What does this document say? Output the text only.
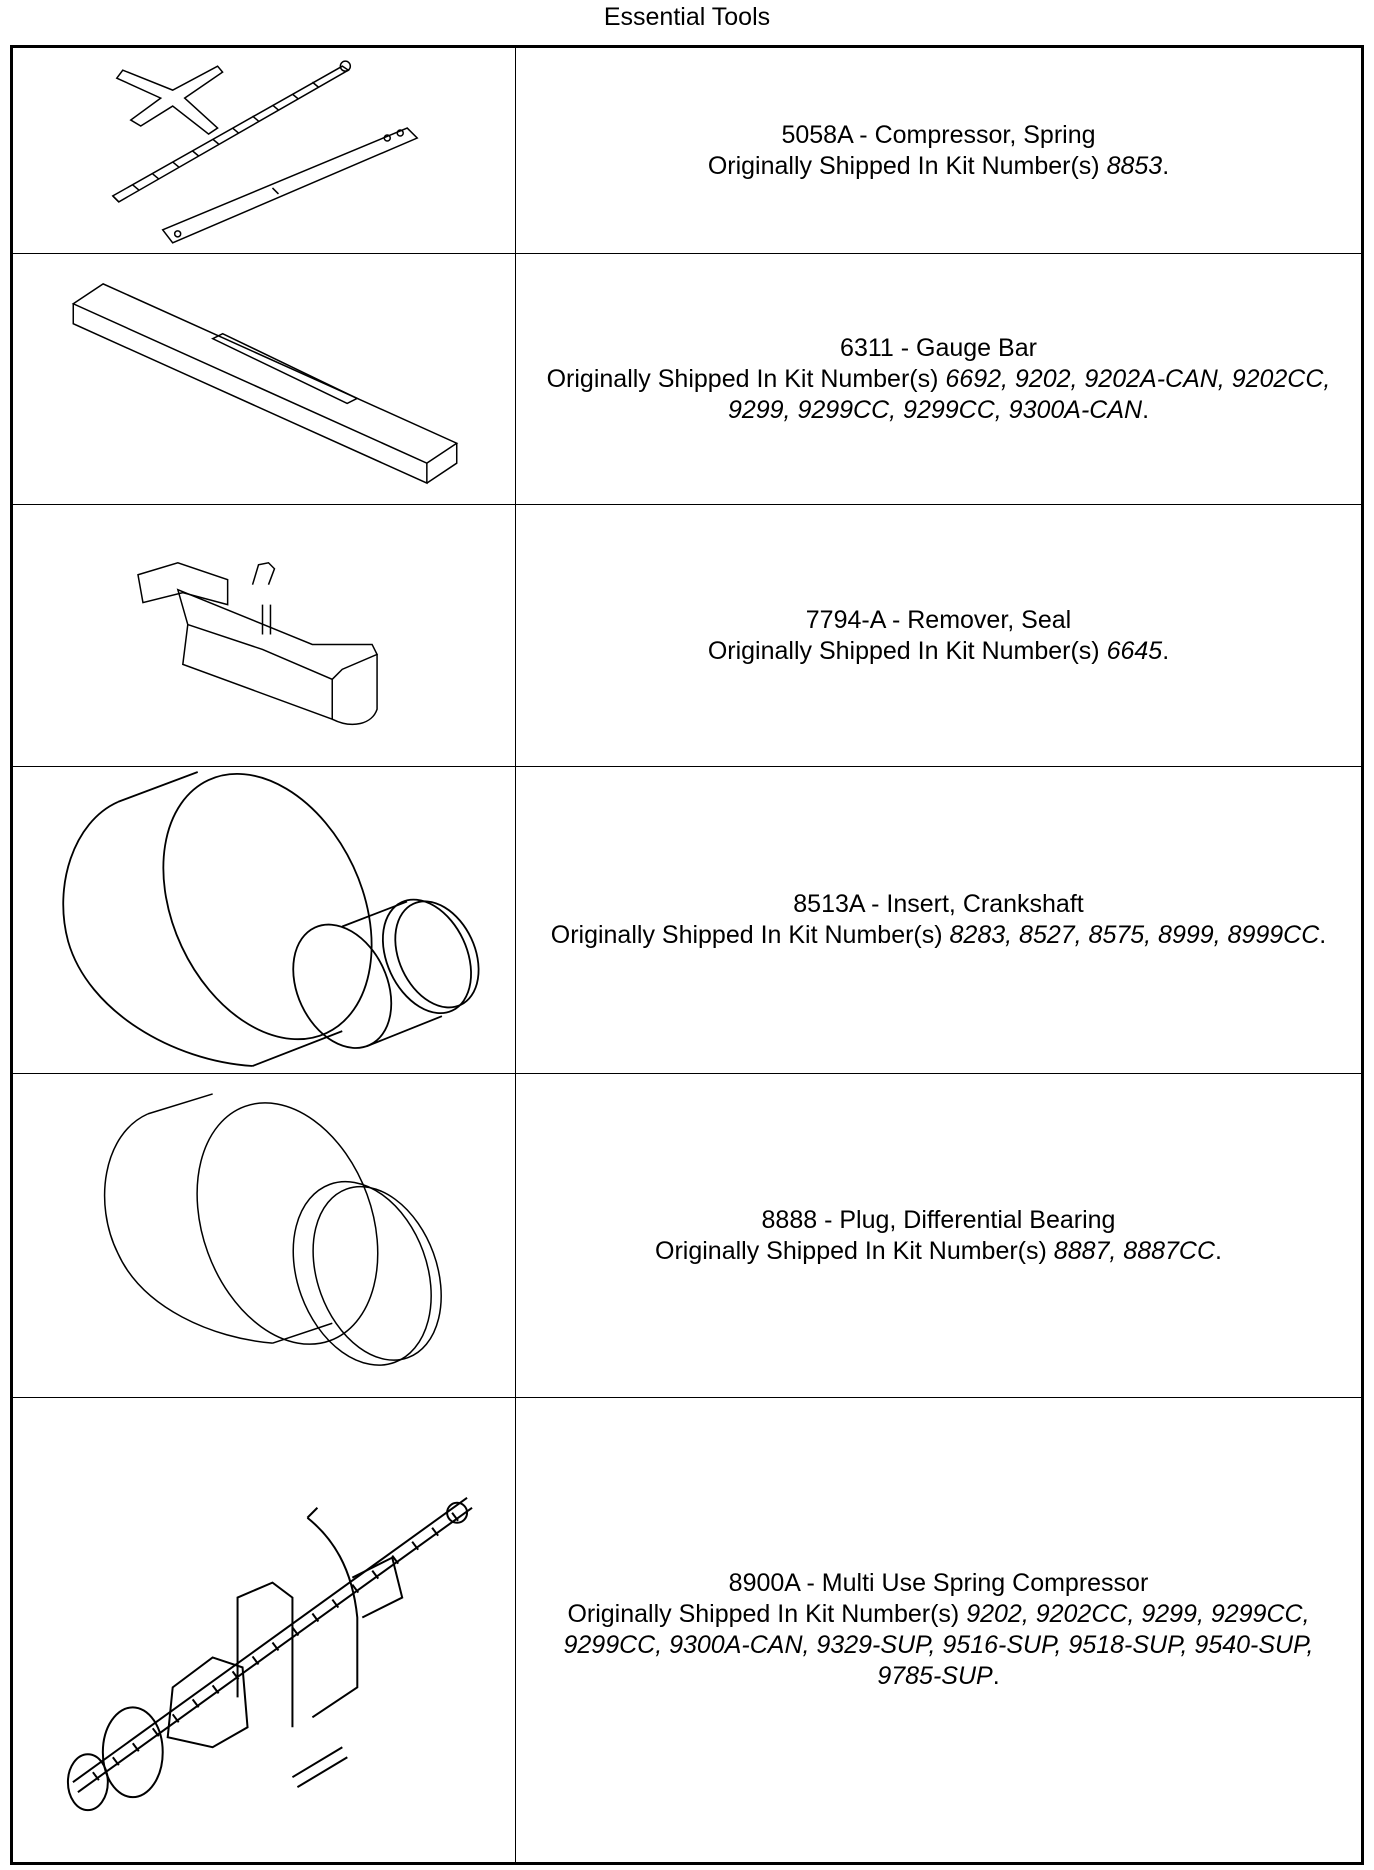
Essential Tools
5058A - Compressor, Spring
Originally Shipped In Kit Number(s) 8853.
6311 - Gauge Bar
Originally Shipped In Kit Number(s) 6692, 9202, 9202A-CAN, 9202CC,
9299, 9299CC, 9299CC, 9300A-CAN.
7794-A - Remover, Seal
Originally Shipped In Kit Number(s) 6645.
8513A - Insert, Crankshaft
Originally Shipped In Kit Number(s) 8283, 8527, 8575, 8999, 8999CC.
8888 - Plug, Differential Bearing
Originally Shipped In Kit Number(s) 8887, 8887CC.
8900A - Multi Use Spring Compressor
Originally Shipped In Kit Number(s) 9202, 9202CC, 9299, 9299CC,
9299CC, 9300A-CAN, 9329-SUP, 9516-SUP, 9518-SUP, 9540-SUP,
9785-SUP.
